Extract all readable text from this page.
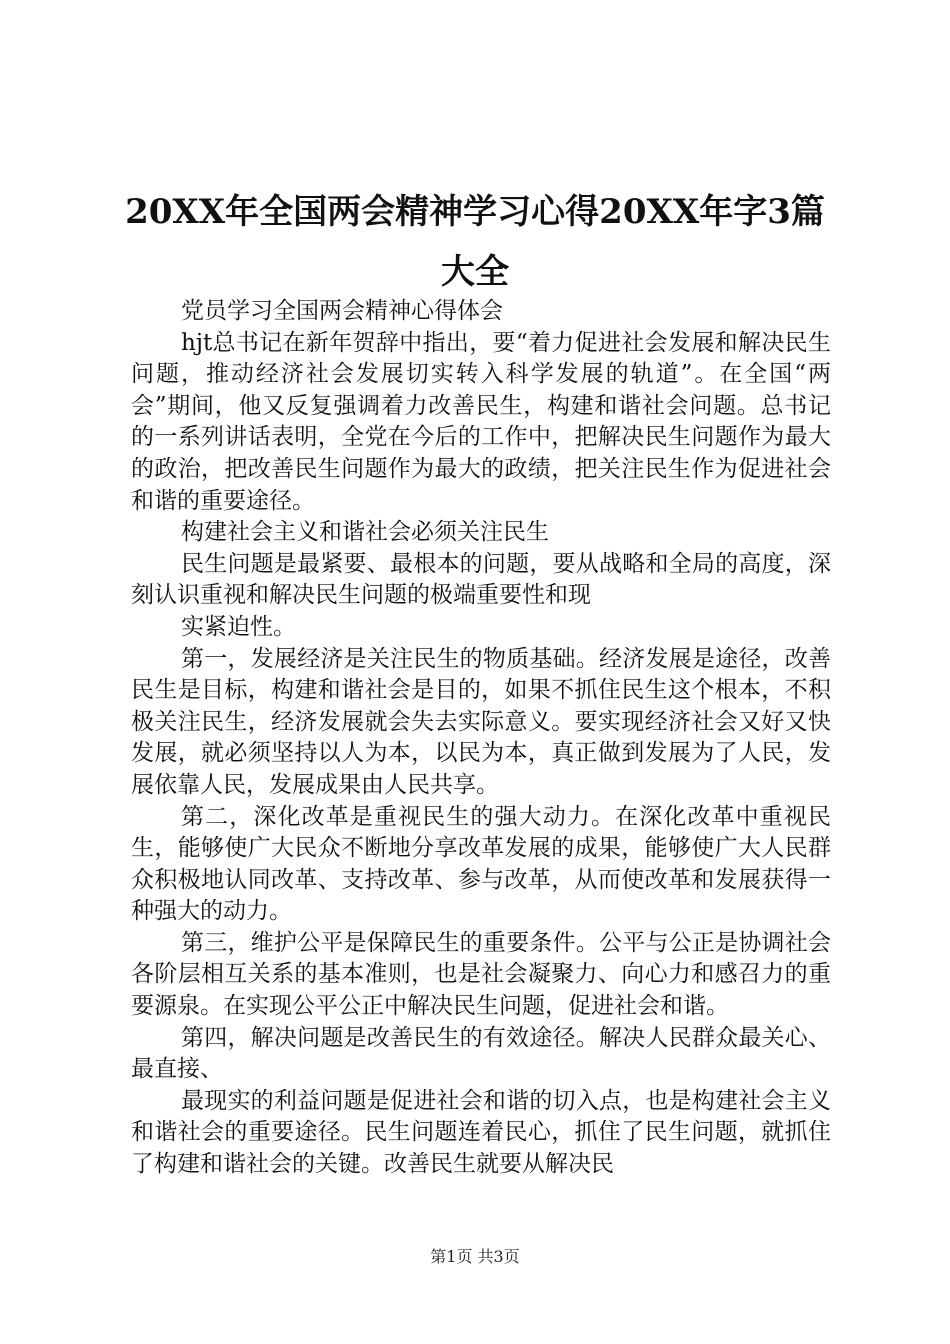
20XX年全国两会精神学习心得20XX年字3篇大全

党员学习全国两会精神心得体会

hjt总书记在新年贺辞中指出，要“着力促进社会发展和解决民生问题，推动经济社会发展切实转入科学发展的轨道”。在全国“两会”期间，他又反复强调着力改善民生，构建和谐社会问题。总书记的一系列讲话表明，全党在今后的工作中，把解决民生问题作为最大的政治，把改善民生问题作为最大的政绩，把关注民生作为促进社会和谐的重要途径。

构建社会主义和谐社会必须关注民生

民生问题是最紧要、最根本的问题，要从战略和全局的高度，深刻认识重视和解决民生问题的极端重要性和现

实紧迫性。

第一，发展经济是关注民生的物质基础。经济发展是途径，改善民生是目标，构建和谐社会是目的，如果不抓住民生这个根本，不积极关注民生，经济发展就会失去实际意义。要实现经济社会又好又快发展，就必须坚持以人为本，以民为本，真正做到发展为了人民，发展依靠人民，发展成果由人民共享。

第二，深化改革是重视民生的强大动力。在深化改革中重视民生，能够使广大民众不断地分享改革发展的成果，能够使广大人民群众积极地认同改革、支持改革、参与改革，从而使改革和发展获得一种强大的动力。

第三，维护公平是保障民生的重要条件。公平与公正是协调社会各阶层相互关系的基本准则，也是社会凝聚力、向心力和感召力的重要源泉。在实现公平公正中解决民生问题，促进社会和谐。

第四，解决问题是改善民生的有效途径。解决人民群众最关心、最直接、

最现实的利益问题是促进社会和谐的切入点，也是构建社会主义和谐社会的重要途径。民生问题连着民心，抓住了民生问题，就抓住了构建和谐社会的关键。改善民生就要从解决民

第1页 共3页
